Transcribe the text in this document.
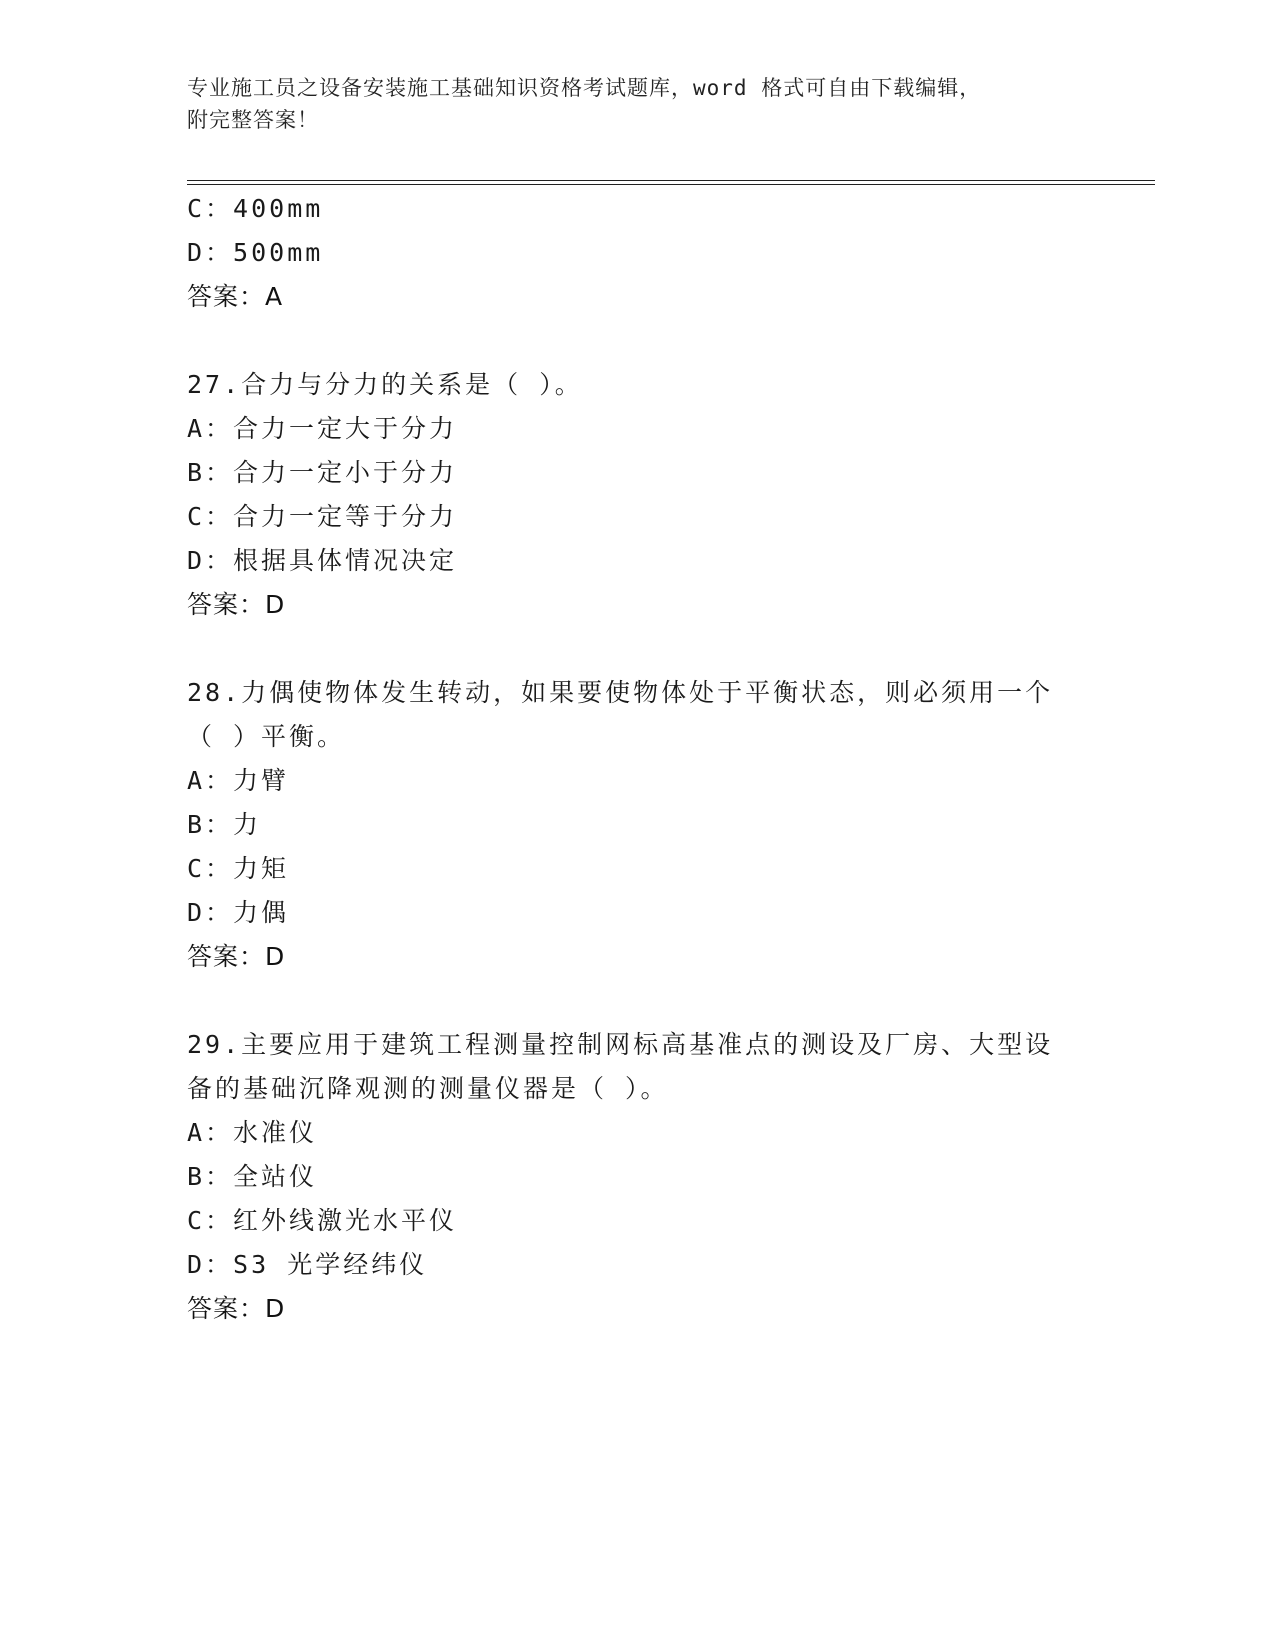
专业施工员之设备安装施工基础知识资格考试题库，word 格式可自由下载编辑，
附完整答案！
C：400mm
D：500mm
答案：A
27.合力与分力的关系是（ ）。
A：合力一定大于分力
B：合力一定小于分力
C：合力一定等于分力
D：根据具体情况决定
答案：D
28.力偶使物体发生转动，如果要使物体处于平衡状态，则必须用一个
（ ）平衡。
A：力臂
B：力
C：力矩
D：力偶
答案：D
29.主要应用于建筑工程测量控制网标高基准点的测设及厂房、大型设
备的基础沉降观测的测量仪器是（ ）。
A：水准仪
B：全站仪
C：红外线激光水平仪
D：S3 光学经纬仪
答案：D
